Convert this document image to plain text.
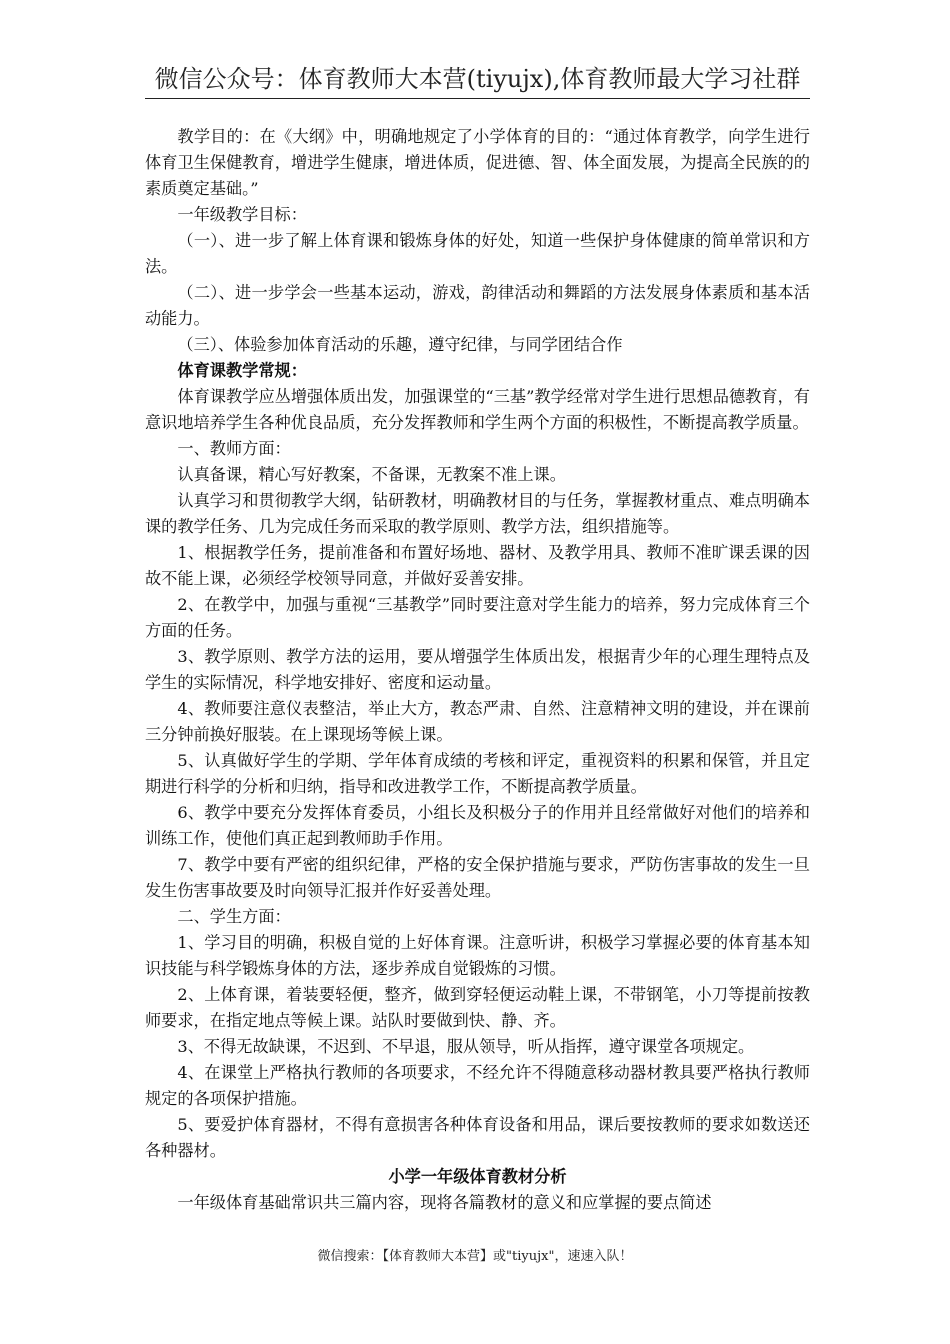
微信公众号：体育教师大本营(tiyujx),体育教师最大学习社群

教学目的：在《大纲》中，明确地规定了小学体育的目的：“通过体育教学，向学生进行体育卫生保健教育，增进学生健康，增进体质，促进德、智、体全面发展，为提高全民族的的素质奠定基础。”

一年级教学目标：

（一）、进一步了解上体育课和锻炼身体的好处，知道一些保护身体健康的简单常识和方法。

（二）、进一步学会一些基本运动，游戏，韵律活动和舞蹈的方法发展身体素质和基本活动能力。

（三）、体验参加体育活动的乐趣，遵守纪律，与同学团结合作

体育课教学常规：

体育课教学应丛增强体质出发，加强课堂的“三基”教学经常对学生进行思想品德教育，有意识地培养学生各种优良品质，充分发挥教师和学生两个方面的积极性，不断提高教学质量。

一、教师方面：

认真备课，精心写好教案，不备课，无教案不准上课。

认真学习和贯彻教学大纲，钻研教材，明确教材目的与任务，掌握教材重点、难点明确本课的教学任务、几为完成任务而采取的教学原则、教学方法，组织措施等。

1、根据教学任务，提前准备和布置好场地、器材、及教学用具、教师不准旷课丢课的因故不能上课，必须经学校领导同意，并做好妥善安排。

2、在教学中，加强与重视“三基教学”同时要注意对学生能力的培养，努力完成体育三个方面的任务。

3、教学原则、教学方法的运用，要从增强学生体质出发，根据青少年的心理生理特点及学生的实际情况，科学地安排好、密度和运动量。

4、教师要注意仪表整洁，举止大方，教态严肃、自然、注意精神文明的建设，并在课前三分钟前换好服装。在上课现场等候上课。

5、认真做好学生的学期、学年体育成绩的考核和评定，重视资料的积累和保管，并且定期进行科学的分析和归纳，指导和改进教学工作，不断提高教学质量。

6、教学中要充分发挥体育委员，小组长及积极分子的作用并且经常做好对他们的培养和训练工作，使他们真正起到教师助手作用。

7、教学中要有严密的组织纪律，严格的安全保护措施与要求，严防伤害事故的发生一旦发生伤害事故要及时向领导汇报并作好妥善处理。

二、学生方面：

1、学习目的明确，积极自觉的上好体育课。注意听讲，积极学习掌握必要的体育基本知识技能与科学锻炼身体的方法，逐步养成自觉锻炼的习惯。

2、上体育课，着装要轻便，整齐，做到穿轻便运动鞋上课，不带钢笔，小刀等提前按教师要求，在指定地点等候上课。站队时要做到快、静、齐。

3、不得无故缺课，不迟到、不早退，服从领导，听从指挥，遵守课堂各项规定。

4、在课堂上严格执行教师的各项要求，不经允许不得随意移动器材教具要严格执行教师规定的各项保护措施。

5、要爱护体育器材，不得有意损害各种体育设备和用品，课后要按教师的要求如数送还各种器材。

小学一年级体育教材分析

一年级体育基础常识共三篇内容，现将各篇教材的意义和应掌握的要点简述

微信搜索：【体育教师大本营】或"tiyujx"，速速入队！
